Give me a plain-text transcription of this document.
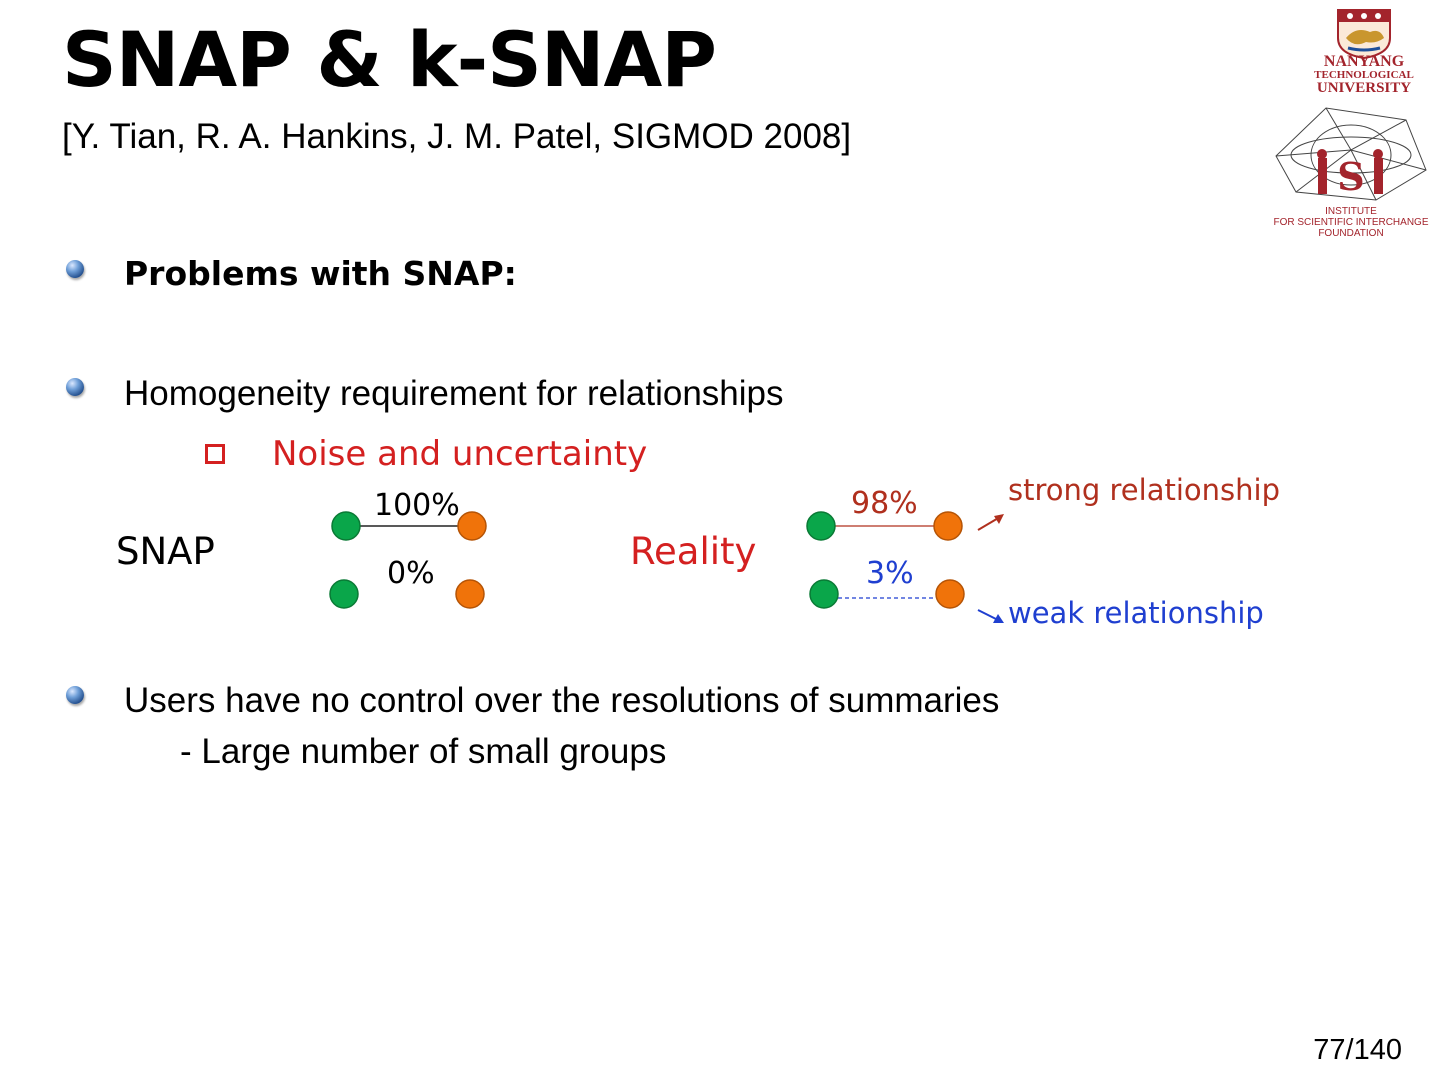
SNAP & k-SNAP
[Y. Tian, R. A. Hankins, J. M. Patel, SIGMOD 2008]
NANYANG
TECHNOLOGICAL
UNIVERSITY
S
INSTITUTE
FOR SCIENTIFIC INTERCHANGE
FOUNDATION
Problems with SNAP:
Homogeneity requirement for relationships
Noise and uncertainty
SNAP
100%
0%
Reality
98%
3%
strong relationship
weak relationship
Users have no control over the resolutions of summaries
- Large number of small groups
77/140
